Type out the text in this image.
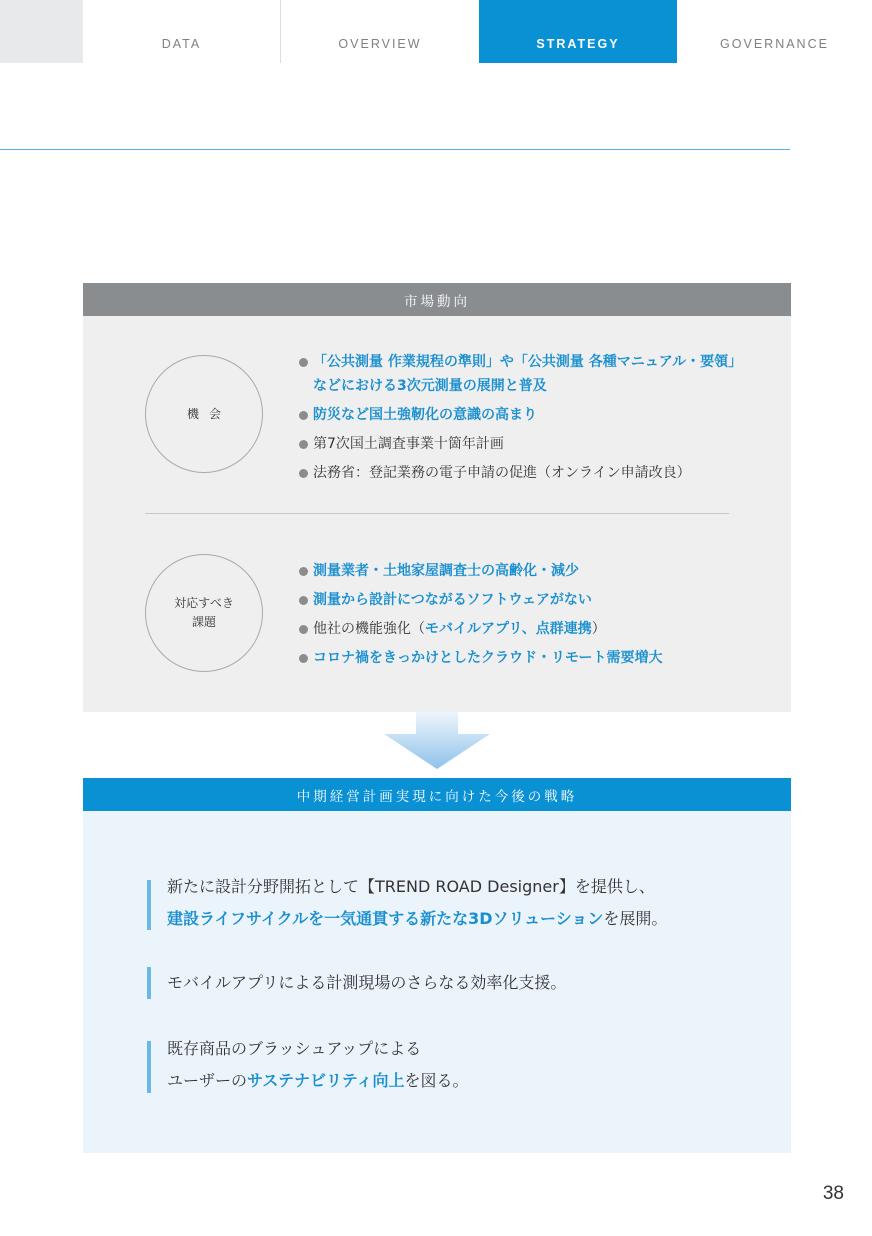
DATA	OVERVIEW	STRATEGY	GOVERNANCE
市場動向
機会
「公共測量 作業規程の準則」や「公共測量 各種マニュアル・要領」
などにおける3次元測量の展開と普及
防災など国土強靭化の意識の高まり
第7次国土調査事業十箇年計画
法務省：登記業務の電子申請の促進（オンライン申請改良）
対応すべき
課題
測量業者・土地家屋調査士の高齢化・減少
測量から設計につながるソフトウェアがない
他社の機能強化（モバイルアプリ、点群連携）
コロナ禍をきっかけとしたクラウド・リモート需要増大
中期経営計画実現に向けた今後の戦略
新たに設計分野開拓として【TREND ROAD Designer】を提供し、
建設ライフサイクルを一気通貫する新たな3Dソリューションを展開。
モバイルアプリによる計測現場のさらなる効率化支援。
既存商品のブラッシュアップによる
ユーザーのサステナビリティ向上を図る。
38
